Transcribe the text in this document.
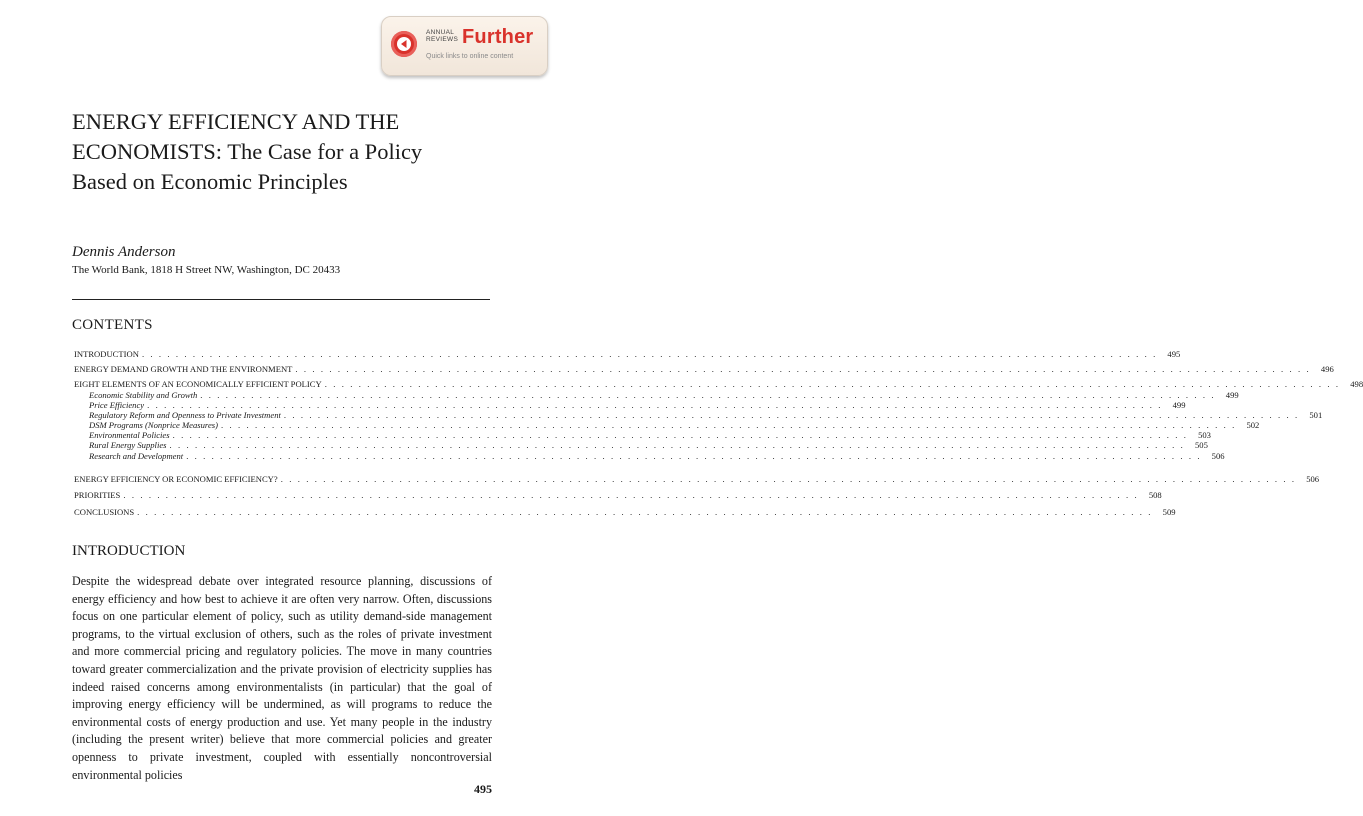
ANNUAL REVIEWS Further
Quick links to online content
ENERGY EFFICIENCY AND THE ECONOMISTS: The Case for a Policy Based on Economic Principles
Dennis Anderson
The World Bank, 1818 H Street NW, Washington, DC 20433
CONTENTS
INTRODUCTION . . . . . . . . . . . . . . . . . . . . . . . . . . . . . . . . . . . . . . . . . . . . . . . . . . . . . . . . . . . . . . . . . . . . . . . . . . . . . . . . . . . . . . . . . . . . . . . . . . . . . . . . . . . . . . . . . . . . . . . .	495
ENERGY DEMAND GROWTH AND THE ENVIRONMENT . . . . . . . . . . . . . . . . . . . . . . . . . . . . . . . . . . . . . . . . . . . . . . . . . . . . . . . . . . . . . . . . . . . . . . . . . . . . . . . . . . . . . . . . . . . . . . . . . . . . . . . . . . . . . . . . . . . . . . . .	496
EIGHT ELEMENTS OF AN ECONOMICALLY EFFICIENT POLICY . . . . . . . . . . . . . . . . . . . . . . . . . . . . . . . . . . . . . . . . . . . . . . . . . . . . . . . . . . . . . . . . . . . . . . . . . . . . . . . . . . . . . . . . . . . . . . . . . . . . . . . . . . . . . . . . . . . . . . . .	498
Economic Stability and Growth . . . . . . . . . . . . . . . . . . . . . . . . . . . . . . . . . . . . . . . . . . . . . . . . . . . . . . . . . . . . . . . . . . . . . . . . . . . . . . . . . . . . . . . . . . . . . . . . . . . . . . . . . . . . . . . . . . . . . . . .	499
Price Efficiency . . . . . . . . . . . . . . . . . . . . . . . . . . . . . . . . . . . . . . . . . . . . . . . . . . . . . . . . . . . . . . . . . . . . . . . . . . . . . . . . . . . . . . . . . . . . . . . . . . . . . . . . . . . . . . . . . . . . . . . .	499
Regulatory Reform and Openness to Private Investment . . . . . . . . . . . . . . . . . . . . . . . . . . . . . . . . . . . . . . . . . . . . . . . . . . . . . . . . . . . . . . . . . . . . . . . . . . . . . . . . . . . . . . . . . . . . . . . . . . . . . . . . . . . . . . . . . . . . . . . .	501
DSM Programs (Nonprice Measures) . . . . . . . . . . . . . . . . . . . . . . . . . . . . . . . . . . . . . . . . . . . . . . . . . . . . . . . . . . . . . . . . . . . . . . . . . . . . . . . . . . . . . . . . . . . . . . . . . . . . . . . . . . . . . . . . . . . . . . . .	502
Environmental Policies . . . . . . . . . . . . . . . . . . . . . . . . . . . . . . . . . . . . . . . . . . . . . . . . . . . . . . . . . . . . . . . . . . . . . . . . . . . . . . . . . . . . . . . . . . . . . . . . . . . . . . . . . . . . . . . . . . . . . . . .	503
Rural Energy Supplies . . . . . . . . . . . . . . . . . . . . . . . . . . . . . . . . . . . . . . . . . . . . . . . . . . . . . . . . . . . . . . . . . . . . . . . . . . . . . . . . . . . . . . . . . . . . . . . . . . . . . . . . . . . . . . . . . . . . . . . .	505
Research and Development . . . . . . . . . . . . . . . . . . . . . . . . . . . . . . . . . . . . . . . . . . . . . . . . . . . . . . . . . . . . . . . . . . . . . . . . . . . . . . . . . . . . . . . . . . . . . . . . . . . . . . . . . . . . . . . . . . . . . . . .	506
ENERGY EFFICIENCY OR ECONOMIC EFFICIENCY? . . . . . . . . . . . . . . . . . . . . . . . . . . . . . . . . . . . . . . . . . . . . . . . . . . . . . . . . . . . . . . . . . . . . . . . . . . . . . . . . . . . . . . . . . . . . . . . . . . . . . . . . . . . . . . . . . . . . . . . .	506
PRIORITIES . . . . . . . . . . . . . . . . . . . . . . . . . . . . . . . . . . . . . . . . . . . . . . . . . . . . . . . . . . . . . . . . . . . . . . . . . . . . . . . . . . . . . . . . . . . . . . . . . . . . . . . . . . . . . . . . . . . . . . . .	508
CONCLUSIONS . . . . . . . . . . . . . . . . . . . . . . . . . . . . . . . . . . . . . . . . . . . . . . . . . . . . . . . . . . . . . . . . . . . . . . . . . . . . . . . . . . . . . . . . . . . . . . . . . . . . . . . . . . . . . . . . . . . . . . . .	509
INTRODUCTION

Despite the widespread debate over integrated resource planning, discussions of energy efficiency and how best to achieve it are often very narrow. Often, discussions focus on one particular element of policy, such as utility demand-side management programs, to the virtual exclusion of others, such as the roles of private investment and more commercial pricing and regulatory policies. The move in many countries toward greater commercialization and the private provision of electricity supplies has indeed raised concerns among environmentalists (in particular) that the goal of improving energy efficiency will be undermined, as will programs to reduce the environmental costs of energy production and use. Yet many people in the industry (including the present writer) believe that more commercial policies and greater openness to private investment, coupled with essentially noncontroversial environmental policies

495
